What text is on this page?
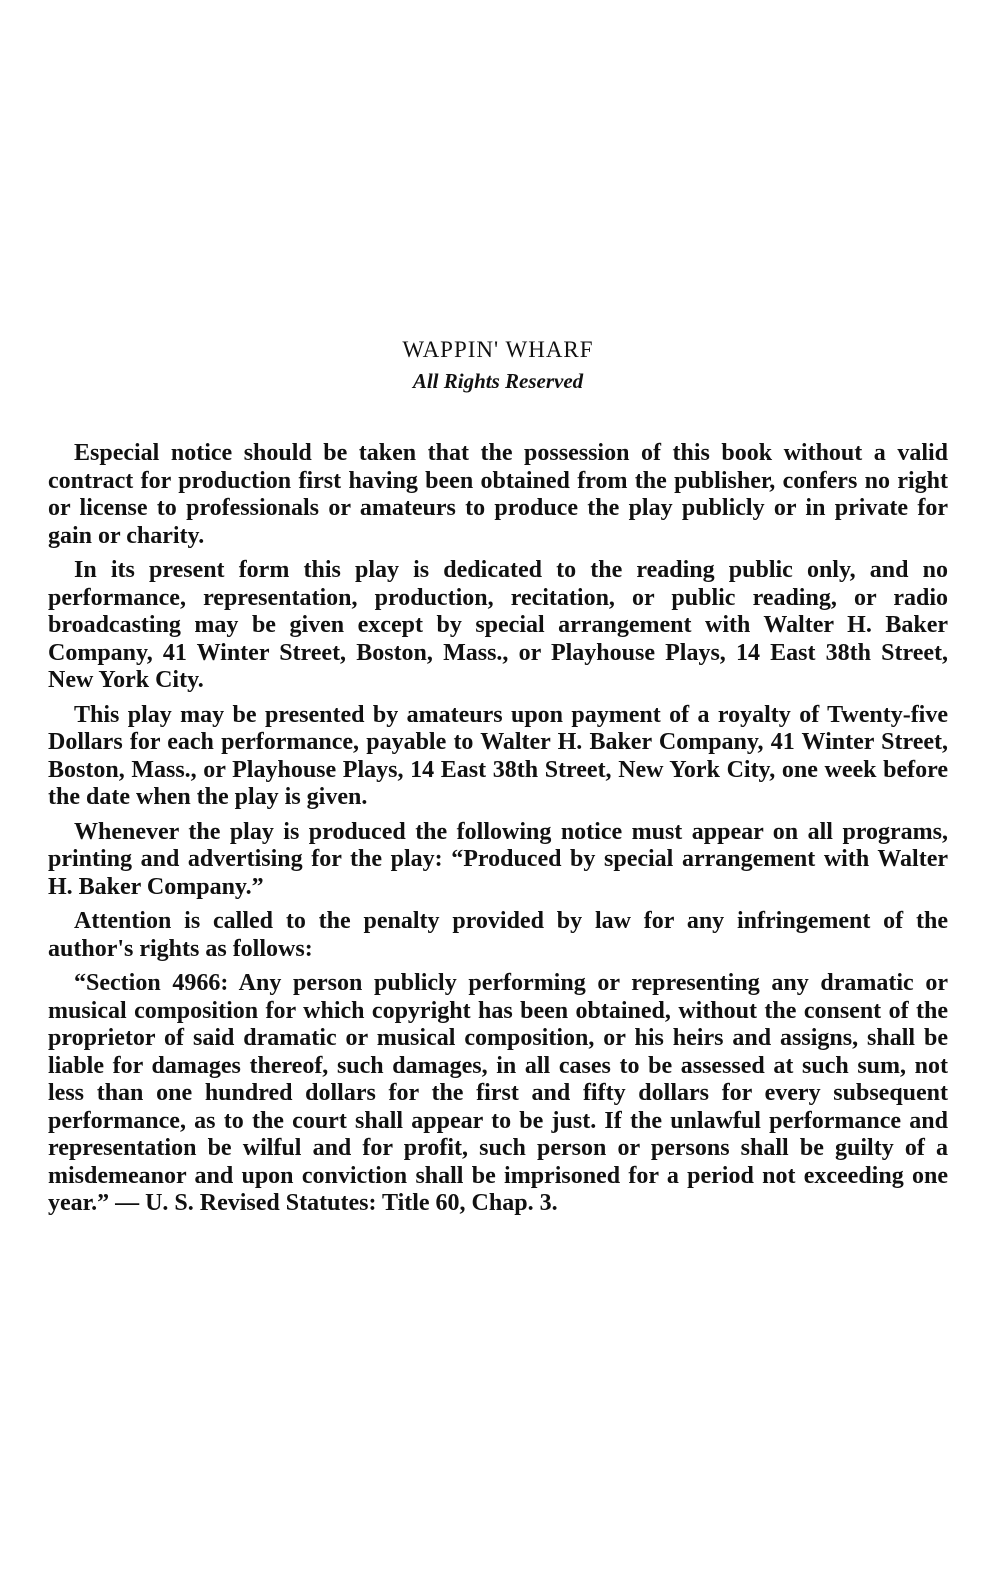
WAPPIN' WHARF
All Rights Reserved

Especial notice should be taken that the possession of this book without a valid contract for production first having been obtained from the publisher, confers no right or license to professionals or amateurs to produce the play publicly or in private for gain or charity.

In its present form this play is dedicated to the reading public only, and no performance, representation, production, recitation, or public reading, or radio broadcasting may be given except by special arrangement with Walter H. Baker Company, 41 Winter Street, Boston, Mass., or Playhouse Plays, 14 East 38th Street, New York City.

This play may be presented by amateurs upon payment of a royalty of Twenty-five Dollars for each performance, payable to Walter H. Baker Company, 41 Winter Street, Boston, Mass., or Playhouse Plays, 14 East 38th Street, New York City, one week before the date when the play is given.

Whenever the play is produced the following notice must appear on all programs, printing and advertising for the play: “Produced by special arrangement with Walter H. Baker Company.”

Attention is called to the penalty provided by law for any infringement of the author's rights as follows:

“Section 4966: Any person publicly performing or representing any dramatic or musical composition for which copyright has been obtained, without the consent of the proprietor of said dramatic or musical composition, or his heirs and assigns, shall be liable for damages thereof, such damages, in all cases to be assessed at such sum, not less than one hundred dollars for the first and fifty dollars for every subsequent performance, as to the court shall appear to be just. If the unlawful performance and representation be wilful and for profit, such person or persons shall be guilty of a misdemeanor and upon conviction shall be imprisoned for a period not exceeding one year.” — U. S. Revised Statutes: Title 60, Chap. 3.
